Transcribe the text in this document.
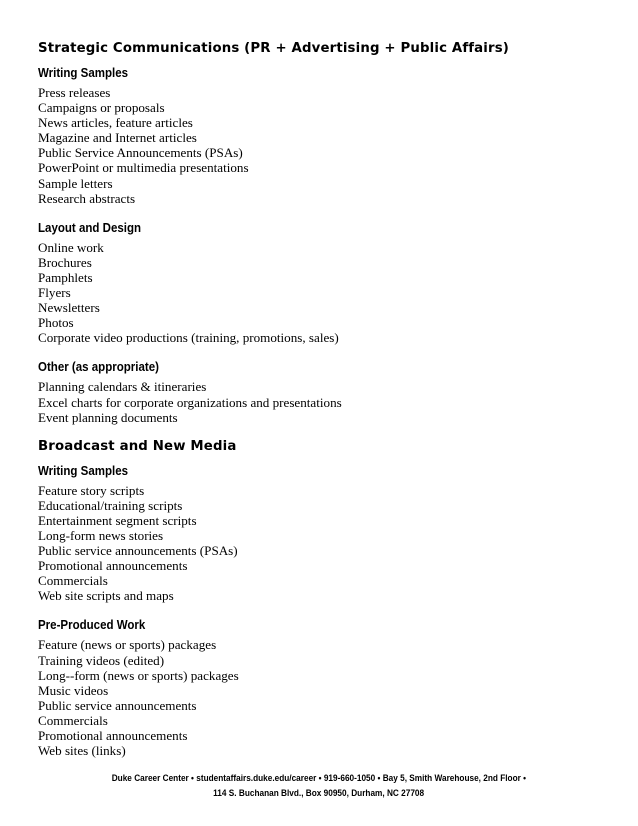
Strategic Communications (PR + Advertising + Public Affairs)
Writing Samples
Press releases
Campaigns or proposals
News articles, feature articles
Magazine and Internet articles
Public Service Announcements (PSAs)
PowerPoint or multimedia presentations
Sample letters
Research abstracts
Layout and Design
Online work
Brochures
Pamphlets
Flyers
Newsletters
Photos
Corporate video productions (training, promotions, sales)
Other (as appropriate)
Planning calendars & itineraries
Excel charts for corporate organizations and presentations
Event planning documents
Broadcast and New Media
Writing Samples
Feature story scripts
Educational/training scripts
Entertainment segment scripts
Long-form news stories
Public service announcements (PSAs)
Promotional announcements
Commercials
Web site scripts and maps
Pre-Produced Work
Feature (news or sports) packages
Training videos (edited)
Long--form (news or sports) packages
Music videos
Public service announcements
Commercials
Promotional announcements
Web sites (links)
Duke Career Center • studentaffairs.duke.edu/career • 919-660-1050 • Bay 5, Smith Warehouse, 2nd Floor •
114 S. Buchanan Blvd., Box 90950, Durham, NC 27708
